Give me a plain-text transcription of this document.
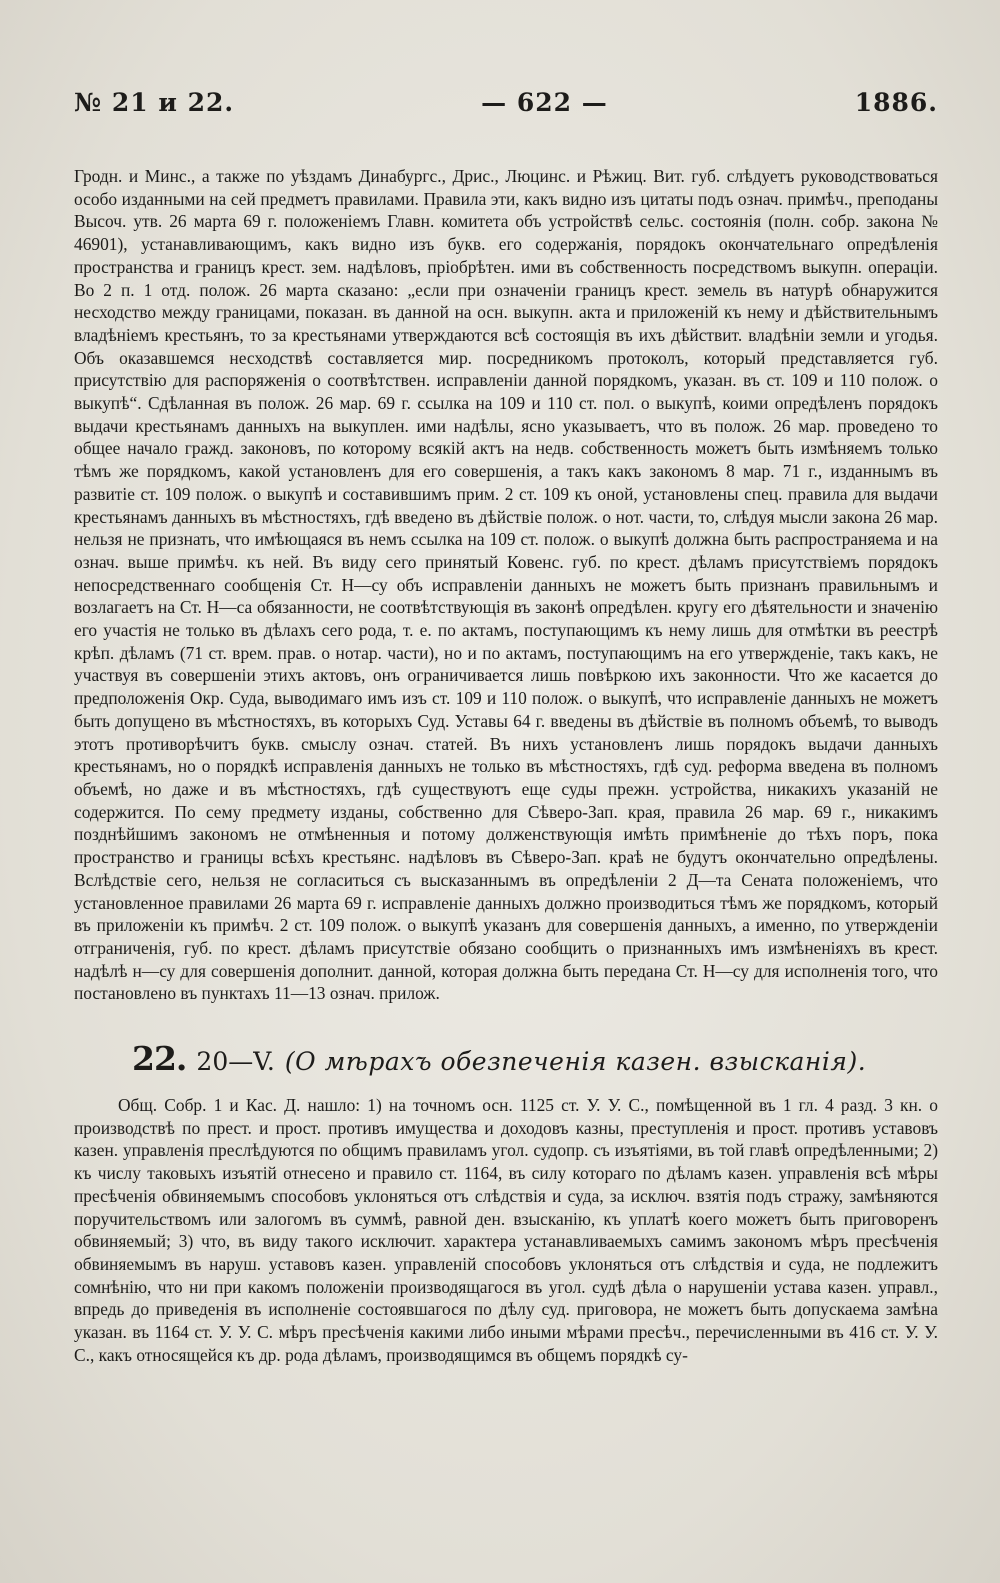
№ 21 и 22.	— 622 —	1886.

Гродн. и Минс., а также по уѣздамъ Динабургс., Дрис., Люцинс. и Рѣжиц. Вит. губ. слѣдуетъ руководствоваться особо изданными на сей предметъ правилами. Правила эти, какъ видно изъ цитаты подъ означ. примѣч., преподаны Высоч. утв. 26 марта 69 г. положеніемъ Главн. комитета объ устройствѣ сельс. состоянія (полн. собр. закона № 46901), устанавливающимъ, какъ видно изъ букв. его содержанія, порядокъ окончательнаго опредѣленія пространства и границъ крест. зем. надѣловъ, пріобрѣтен. ими въ собственность посредствомъ выкупн. операціи. Во 2 п. 1 отд. полож. 26 марта сказано: „если при означеніи границъ крест. земель въ натурѣ обнаружится несходство между границами, показан. въ данной на осн. выкупн. акта и приложеній къ нему и дѣйствительнымъ владѣніемъ крестьянъ, то за крестьянами утверждаются всѣ состоящія въ ихъ дѣйствит. владѣніи земли и угодья. Объ оказавшемся несходствѣ составляется мир. посредникомъ протоколъ, который представляется губ. присутствію для распоряженія о соотвѣтствен. исправленіи данной порядкомъ, указан. въ ст. 109 и 110 полож. о выкупѣ“. Сдѣланная въ полож. 26 мар. 69 г. ссылка на 109 и 110 ст. пол. о выкупѣ, коими опредѣленъ порядокъ выдачи крестьянамъ данныхъ на выкуплен. ими надѣлы, ясно указываетъ, что въ полож. 26 мар. проведено то общее начало гражд. законовъ, по которому всякій актъ на недв. собственность можетъ быть измѣняемъ только тѣмъ же порядкомъ, какой установленъ для его совершенія, а такъ какъ закономъ 8 мар. 71 г., изданнымъ въ развитіе ст. 109 полож. о выкупѣ и составившимъ прим. 2 ст. 109 къ оной, установлены спец. правила для выдачи крестьянамъ данныхъ въ мѣстностяхъ, гдѣ введено въ дѣйствіе полож. о нот. части, то, слѣдуя мысли закона 26 мар. нельзя не признать, что имѣющаяся въ немъ ссылка на 109 ст. полож. о выкупѣ должна быть распространяема и на означ. выше примѣч. къ ней. Въ виду сего принятый Ковенс. губ. по крест. дѣламъ присутствіемъ порядокъ непосредственнаго сообщенія Ст. Н—су объ исправленіи данныхъ не можетъ быть признанъ правильнымъ и возлагаетъ на Ст. Н—са обязанности, не соотвѣтствующія въ законѣ опредѣлен. кругу его дѣятельности и значенію его участія не только въ дѣлахъ сего рода, т. е. по актамъ, поступающимъ къ нему лишь для отмѣтки въ реестрѣ крѣп. дѣламъ (71 ст. врем. прав. о нотар. части), но и по актамъ, поступающимъ на его утвержденіе, такъ какъ, не участвуя въ совершеніи этихъ актовъ, онъ ограничивается лишь повѣркою ихъ законности. Что же касается до предположенія Окр. Суда, выводимаго имъ изъ ст. 109 и 110 полож. о выкупѣ, что исправленіе данныхъ не можетъ быть допущено въ мѣстностяхъ, въ которыхъ Суд. Уставы 64 г. введены въ дѣйствіе въ полномъ объемѣ, то выводъ этотъ противорѣчитъ букв. смыслу означ. статей. Въ нихъ установленъ лишь порядокъ выдачи данныхъ крестьянамъ, но о порядкѣ исправленія данныхъ не только въ мѣстностяхъ, гдѣ суд. реформа введена въ полномъ объемѣ, но даже и въ мѣстностяхъ, гдѣ существуютъ еще суды прежн. устройства, никакихъ указаній не содержится. По сему предмету изданы, собственно для Сѣверо-Зап. края, правила 26 мар. 69 г., никакимъ позднѣйшимъ закономъ не отмѣненныя и потому долженствующія имѣть примѣненіе до тѣхъ поръ, пока пространство и границы всѣхъ крестьянс. надѣловъ въ Сѣверо-Зап. краѣ не будутъ окончательно опредѣлены. Вслѣдствіе сего, нельзя не согласиться съ высказаннымъ въ опредѣленіи 2 Д—та Сената положеніемъ, что установленное правилами 26 марта 69 г. исправленіе данныхъ должно производиться тѣмъ же порядкомъ, который въ приложеніи къ примѣч. 2 ст. 109 полож. о выкупѣ указанъ для совершенія данныхъ, а именно, по утвержденіи отграниченія, губ. по крест. дѣламъ присутствіе обязано сообщить о признанныхъ имъ измѣненіяхъ въ крест. надѣлѣ н—су для совершенія дополнит. данной, которая должна быть передана Ст. Н—су для исполненія того, что постановлено въ пунктахъ 11—13 означ. прилож.

22. 20—V. (О мѣрахъ обезпеченія казен. взысканія).

Общ. Собр. 1 и Кас. Д. нашло: 1) на точномъ осн. 1125 ст. У. У. С., помѣщенной въ 1 гл. 4 разд. 3 кн. о производствѣ по прест. и прост. противъ имущества и доходовъ казны, преступленія и прост. противъ уставовъ казен. управленія преслѣдуются по общимъ правиламъ угол. судопр. съ изъятіями, въ той главѣ опредѣленными; 2) къ числу таковыхъ изъятій отнесено и правило ст. 1164, въ силу котораго по дѣламъ казен. управленія всѣ мѣры пресѣченія обвиняемымъ способовъ уклоняться отъ слѣдствія и суда, за исключ. взятія подъ стражу, замѣняются поручительствомъ или залогомъ въ суммѣ, равной ден. взысканію, къ уплатѣ коего можетъ быть приговоренъ обвиняемый; 3) что, въ виду такого исключит. характера устанавливаемыхъ самимъ закономъ мѣръ пресѣченія обвиняемымъ въ наруш. уставовъ казен. управленій способовъ уклоняться отъ слѣдствія и суда, не подлежитъ сомнѣнію, что ни при какомъ положеніи производящагося въ угол. судѣ дѣла о нарушеніи устава казен. управл., впредь до приведенія въ исполненіе состоявшагося по дѣлу суд. приговора, не можетъ быть допускаема замѣна указан. въ 1164 ст. У. У. С. мѣръ пресѣченія какими либо иными мѣрами пресѣч., перечисленными въ 416 ст. У. У. С., какъ относящейся къ др. рода дѣламъ, производящимся въ общемъ порядкѣ су-
